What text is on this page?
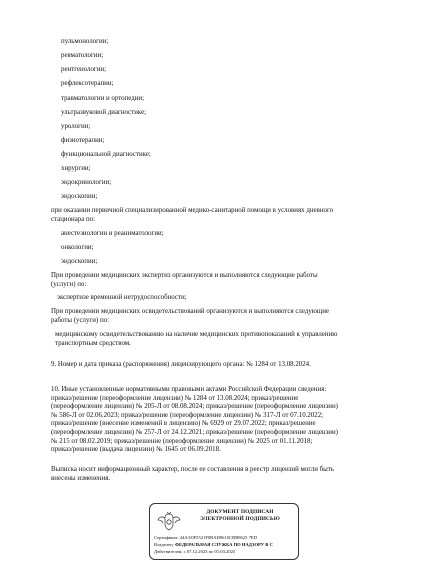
пульмонологии;
ревматологии;
рентгенологии;
рефлексотерапии;
травматологии и ортопедии;
ультразвуковой диагностике;
урологии;
физиотерапии;
функциональной диагностике;
хирургии;
эндокринологии;
эндоскопии;
при оказании первичной специализированной медико-санитарной помощи в условиях дневного
стационара по:
анестезиологии и реаниматологии;
онкологии;
эндоскопии;
При проведении медицинских экспертиз организуются и выполняются следующие работы
(услуги) по:
экспертизе временной нетрудоспособности;
При проведении медицинских освидетельствований организуются и выполняются следующие
работы (услуги) по:
медицинскому освидетельствованию на наличие медицинских противопоказаний к управлению
транспортным средством.
9. Номер и дата приказа (распоряжения) лицензирующего органа: № 1284 от 13.08.2024.
10. Иные установленные нормативными правовыми актами Российской Федерации сведения:
приказ/решение (переоформление лицензии) № 1284 от 13.08.2024; приказ/решение
(переоформление лицензии) № 205-Л от 08.08.2024; приказ/решение (переоформление лицензии)
№ 586-Л от 02.06.2023; приказ/решение (переоформление лицензии) № 317-Л от 07.10.2022;
приказ/решение (внесение изменений в лицензию) № 6929 от 29.07.2022; приказ/решение
(переоформление лицензии) № 257-Л от 24.12.2021; приказ/решение (переоформление лицензии)
№ 215 от 08.02.2019; приказ/решение (переоформление лицензии) № 2025 от 01.11.2018;
приказ/решение (выдача лицензии) № 1645 от 06.09.2018.
Выписка носит информационный характер, после ее составления в реестр лицензий могли быть
внесены изменения.
ДОКУМЕНТ ПОДПИСАН
ЭЛЕКТРОННОЙ ПОДПИСЬЮ
Сертификат: 44A3/0F5521F0BAD0610CBB8625 7ED
Владелец: ФЕДЕРАЛЬНАЯ СЛУЖБА ПО НАДЗОРУ В С
Действителен: с 07.12.2023 по 01.03.2025
